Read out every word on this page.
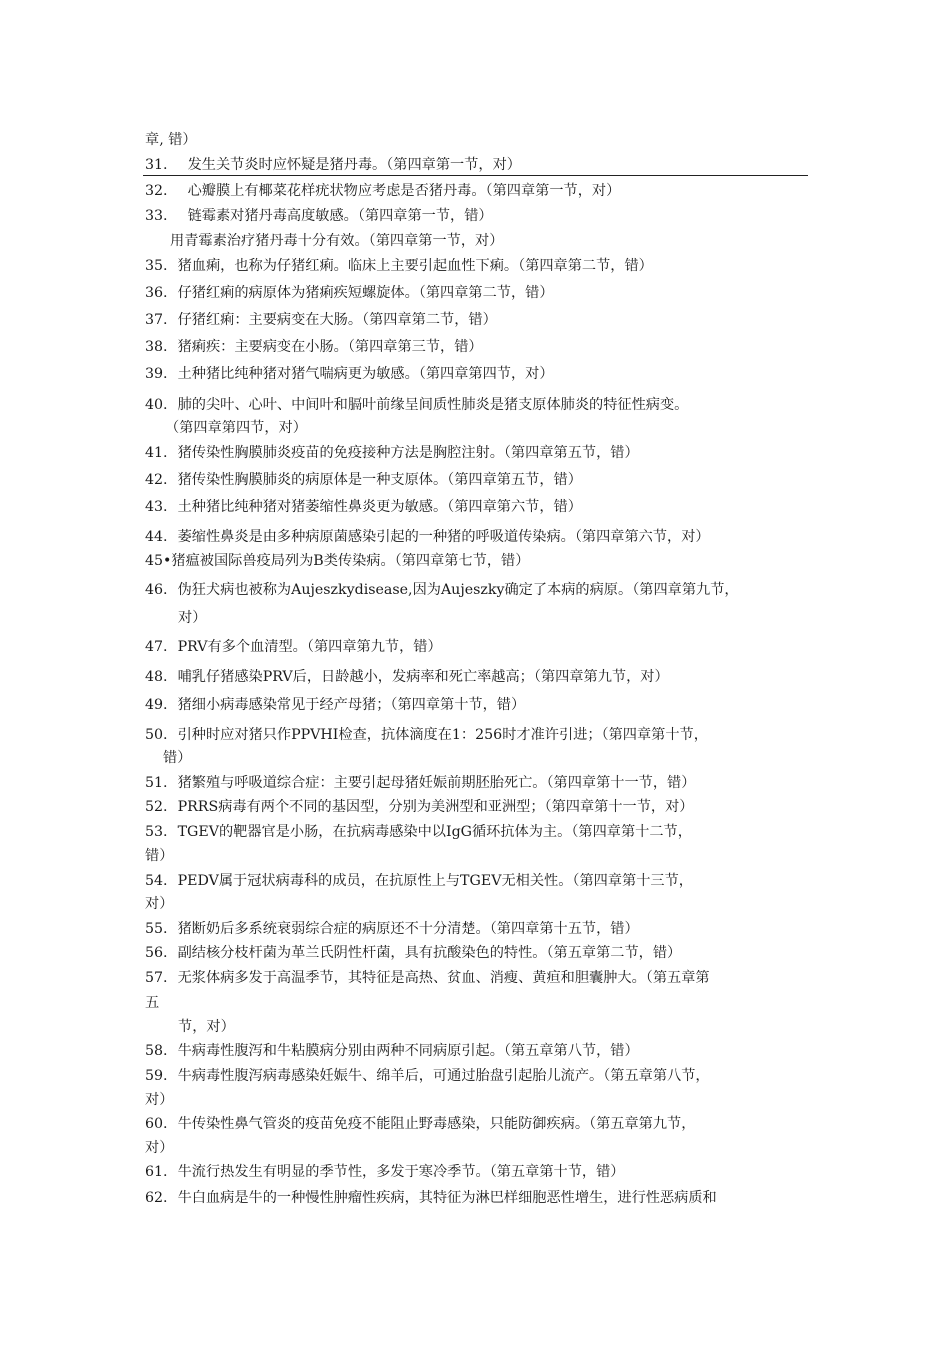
章, 错）
31. 发生关节炎时应怀疑是猪丹毒。（第四章第一节，对）
32. 心瓣膜上有椰菜花样疣状物应考虑是否猪丹毒。（第四章第一节，对）
33. 链霉素对猪丹毒高度敏感。（第四章第一节，错）
用青霉素治疗猪丹毒十分有效。（第四章第一节，对）
35. 猪血痢，也称为仔猪红痢。临床上主要引起血性下痢。（第四章第二节，错）
36. 仔猪红痢的病原体为猪痢疾短螺旋体。（第四章第二节，错）
37. 仔猪红痢：主要病变在大肠。（第四章第二节，错）
38. 猪痢疾：主要病变在小肠。（第四章第三节，错）
39. 土种猪比纯种猪对猪气喘病更为敏感。（第四章第四节，对）
40. 肺的尖叶、心叶、中间叶和膈叶前缘呈间质性肺炎是猪支原体肺炎的特征性病变。
（第四章第四节，对）
41. 猪传染性胸膜肺炎疫苗的免疫接种方法是胸腔注射。（第四章第五节，错）
42. 猪传染性胸膜肺炎的病原体是一种支原体。（第四章第五节，错）
43. 土种猪比纯种猪对猪萎缩性鼻炎更为敏感。（第四章第六节，错）
44. 萎缩性鼻炎是由多种病原菌感染引起的一种猪的呼吸道传染病。（第四章第六节，对）
45•猪瘟被国际兽疫局列为B类传染病。（第四章第七节，错）
46. 伪狂犬病也被称为Aujeszkydisease,因为Aujeszky确定了本病的病原。（第四章第九节，
对）
47. PRV有多个血清型。（第四章第九节，错）
48. 哺乳仔猪感染PRV后，日龄越小，发病率和死亡率越高；（第四章第九节，对）
49. 猪细小病毒感染常见于经产母猪；（第四章第十节，错）
50. 引种时应对猪只作PPVHI检查，抗体滴度在1：256时才准许引进；（第四章第十节，
错）
51. 猪繁殖与呼吸道综合症：主要引起母猪妊娠前期胚胎死亡。（第四章第十一节，错）
52. PRRS病毒有两个不同的基因型，分别为美洲型和亚洲型；（第四章第十一节，对）
53. TGEV的靶器官是小肠，在抗病毒感染中以IgG循环抗体为主。（第四章第十二节，
错）
54. PEDV属于冠状病毒科的成员，在抗原性上与TGEV无相关性。（第四章第十三节，
对）
55. 猪断奶后多系统衰弱综合症的病原还不十分清楚。（第四章第十五节，错）
56. 副结核分枝杆菌为革兰氏阴性杆菌，具有抗酸染色的特性。（第五章第二节，错）
57. 无浆体病多发于高温季节，其特征是高热、贫血、消瘦、黄疸和胆囊肿大。（第五章第
五
节，对）
58. 牛病毒性腹泻和牛粘膜病分别由两种不同病原引起。（第五章第八节，错）
59. 牛病毒性腹泻病毒感染妊娠牛、绵羊后，可通过胎盘引起胎儿流产。（第五章第八节，
对）
60. 牛传染性鼻气管炎的疫苗免疫不能阻止野毒感染，只能防御疾病。（第五章第九节，
对）
61. 牛流行热发生有明显的季节性，多发于寒冷季节。（第五章第十节，错）
62. 牛白血病是牛的一种慢性肿瘤性疾病，其特征为淋巴样细胞恶性增生，进行性恶病质和
